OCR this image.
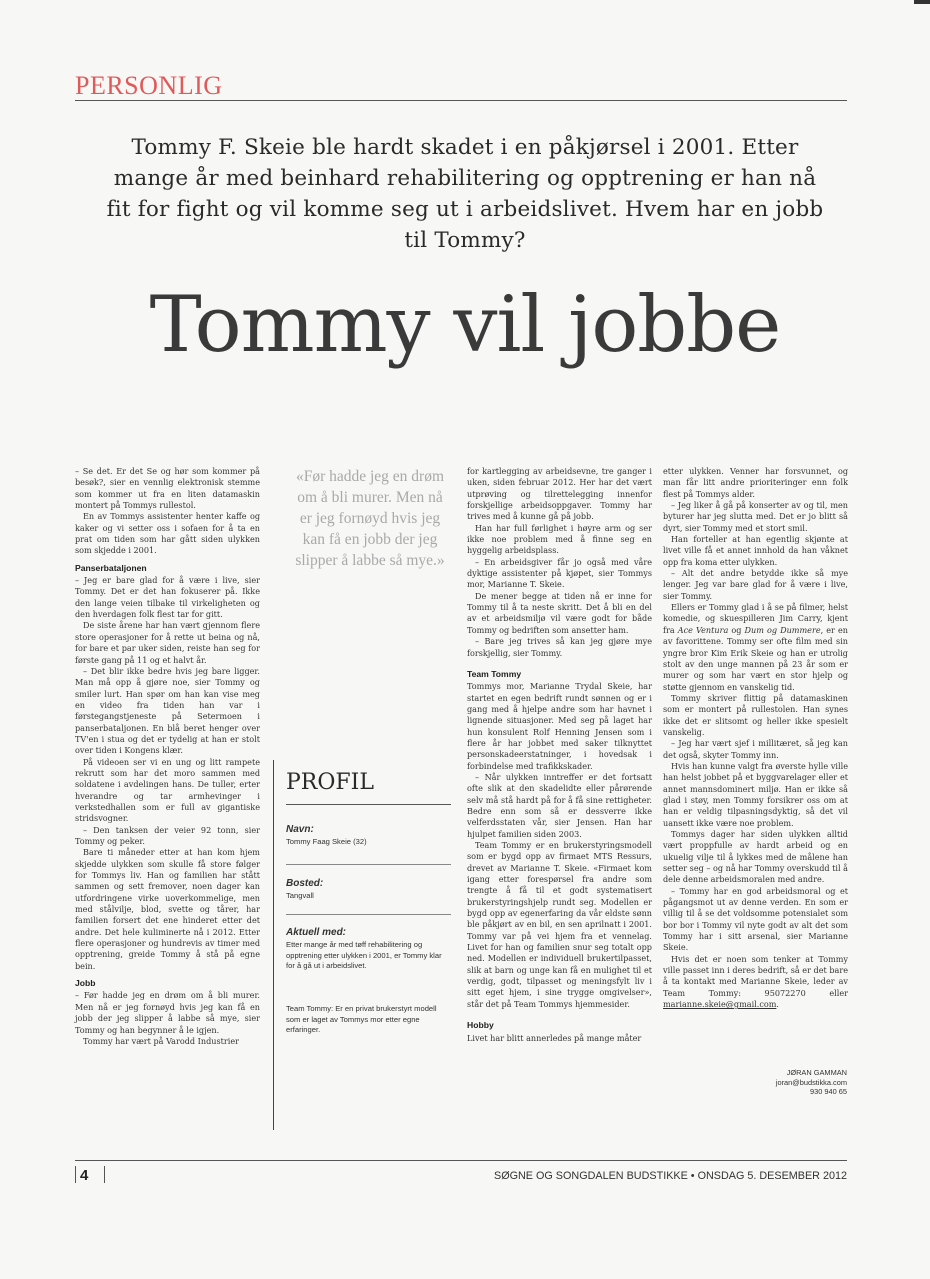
PERSONLIG
Tommy F. Skeie ble hardt skadet i en påkjørsel i 2001. Etter mange år med beinhard rehabilitering og opptrening er han nå fit for fight og vil komme seg ut i arbeidslivet. Hvem har en jobb til Tommy?
Tommy vil jobbe

– Se det. Er det Se og hør som kommer på besøk?, sier en vennlig elektronisk stemme som kommer ut fra en liten datamaskin montert på Tommys rullestol.

En av Tommys assistenter henter kaffe og kaker og vi setter oss i sofaen for å ta en prat om tiden som har gått siden ulykken som skjedde i 2001.

Panserbataljonen

– Jeg er bare glad for å være i live, sier Tommy. Det er det han fokuserer på. Ikke den lange veien tilbake til virkeligheten og den hverdagen folk flest tar for gitt.

De siste årene har han vært gjennom flere store operasjoner for å rette ut beina og nå, for bare et par uker siden, reiste han seg for første gang på 11 og et halvt år.

– Det blir ikke bedre hvis jeg bare ligger. Man må opp å gjøre noe, sier Tommy og smiler lurt. Han spør om han kan vise meg en video fra tiden han var i førstegangstjeneste på Setermoen i panserbataljonen. En blå beret henger over TV'en i stua og det er tydelig at han er stolt over tiden i Kongens klær.

På videoen ser vi en ung og litt rampete rekrutt som har det moro sammen med soldatene i avdelingen hans. De tuller, erter hverandre og tar armhevinger i verkstedhallen som er full av gigantiske stridsvogner.

– Den tanksen der veier 92 tonn, sier Tommy og peker.

Bare ti måneder etter at han kom hjem skjedde ulykken som skulle få store følger for Tommys liv. Han og familien har stått sammen og sett fremover, noen dager kan utfordringene virke uoverkommelige, men med stålvilje, blod, svette og tårer, har familien forsert det ene hinderet etter det andre. Det hele kuliminerte nå i 2012. Etter flere operasjoner og hundrevis av timer med opptrening, greide Tommy å stå på egne bein.

Jobb

– Før hadde jeg en drøm om å bli murer. Men nå er jeg fornøyd hvis jeg kan få en jobb der jeg slipper å labbe så mye, sier Tommy og han begynner å le igjen.

Tommy har vært på Varodd Industrier

«Før hadde jeg en drøm om å bli murer. Men nå er jeg fornøyd hvis jeg kan få en jobb der jeg slipper å labbe så mye.»
PROFIL
Navn:
Tommy Faag Skeie (32)
Bosted:
Tangvall
Aktuell med:
Etter mange år med tøff rehabilitering og opptrening etter ulykken i 2001, er Tommy klar for å gå ut i arbeidslivet.
Team Tommy: Er en privat brukerstyrt modell som er laget av Tommys mor etter egne erfaringer.

for kartlegging av arbeidsevne, tre ganger i uken, siden februar 2012. Her har det vært utprøving og tilrettelegging innenfor forskjellige arbeidsoppgaver. Tommy har trives med å kunne gå på jobb.

Han har full førlighet i høyre arm og ser ikke noe problem med å finne seg en hyggelig arbeidsplass.

– En arbeidsgiver får jo også med våre dyktige assistenter på kjøpet, sier Tommys mor, Marianne T. Skeie.

De mener begge at tiden nå er inne for Tommy til å ta neste skritt. Det å bli en del av et arbeidsmiljø vil være godt for både Tommy og bedriften som ansetter ham.

– Bare jeg trives så kan jeg gjøre mye forskjellig, sier Tommy.

Team Tommy

Tommys mor, Marianne Trydal Skeie, har startet en egen bedrift rundt sønnen og er i gang med å hjelpe andre som har havnet i lignende situasjoner. Med seg på laget har hun konsulent Rolf Henning Jensen som i flere år har jobbet med saker tilknyttet personskadeerstatninger, i hovedsak i forbindelse med trafikkskader.

– Når ulykken inntreffer er det fortsatt ofte slik at den skadelidte eller pårørende selv må stå hardt på for å få sine rettigheter. Bedre enn som så er dessverre ikke velferdsstaten vår, sier Jensen. Han har hjulpet familien siden 2003.

Team Tommy er en brukerstyringsmodell som er bygd opp av firmaet MTS Ressurs, drevet av Marianne T. Skeie. «Firmaet kom igang etter forespørsel fra andre som trengte å få til et godt systematisert brukerstyringshjelp rundt seg. Modellen er bygd opp av egenerfaring da vår eldste sønn ble påkjørt av en bil, en sen aprilnatt i 2001. Tommy var på vei hjem fra et vennelag. Livet for han og familien snur seg totalt opp ned. Modellen er individuell brukertilpasset, slik at barn og unge kan få en mulighet til et verdig, godt, tilpasset og meningsfylt liv i sitt eget hjem, i sine trygge omgivelser», står det på Team Tommys hjemmesider.

Hobby

Livet har blitt annerledes på mange måter

etter ulykken. Venner har forsvunnet, og man får litt andre prioriteringer enn folk flest på Tommys alder.

– Jeg liker å gå på konserter av og til, men byturer har jeg slutta med. Det er jo blitt så dyrt, sier Tommy med et stort smil.

Han forteller at han egentlig skjønte at livet ville få et annet innhold da han våknet opp fra koma etter ulykken.

– Alt det andre betydde ikke så mye lenger. Jeg var bare glad for å være i live, sier Tommy.

Ellers er Tommy glad i å se på filmer, helst komedie, og skuespilleren Jim Carry, kjent fra Ace Ventura og Dum og Dummere, er en av favorittene. Tommy ser ofte film med sin yngre bror Kim Erik Skeie og han er utrolig stolt av den unge mannen på 23 år som er murer og som har vært en stor hjelp og støtte gjennom en vanskelig tid.

Tommy skriver flittig på datamaskinen som er montert på rullestolen. Han synes ikke det er slitsomt og heller ikke spesielt vanskelig.

– Jeg har vært sjef i millitæret, så jeg kan det også, skyter Tommy inn.

Hvis han kunne valgt fra øverste hylle ville han helst jobbet på et byggvarelager eller et annet mannsdominert miljø. Han er ikke så glad i støy, men Tommy forsikrer oss om at han er veldig tilpasningsdyktig, så det vil uansett ikke være noe problem.

Tommys dager har siden ulykken alltid vært proppfulle av hardt arbeid og en ukuelig vilje til å lykkes med de målene han setter seg – og nå har Tommy overskudd til å dele denne arbeidsmoralen med andre.

– Tommy har en god arbeidsmoral og et pågangsmot ut av denne verden. En som er villig til å se det voldsomme potensialet som bor bor i Tommy vil nyte godt av alt det som Tommy har i sitt arsenal, sier Marianne Skeie.

Hvis det er noen som tenker at Tommy ville passet inn i deres bedrift, så er det bare å ta kontakt med Marianne Skeie, leder av Team Tommy: 95072270 eller marianne.skeie@gmail.com.

JØRAN GAMMAN
joran@budstikka.com
930 940 65
4	SØGNE OG SONGDALEN BUDSTIKKE • ONSDAG 5. DESEMBER 2012
